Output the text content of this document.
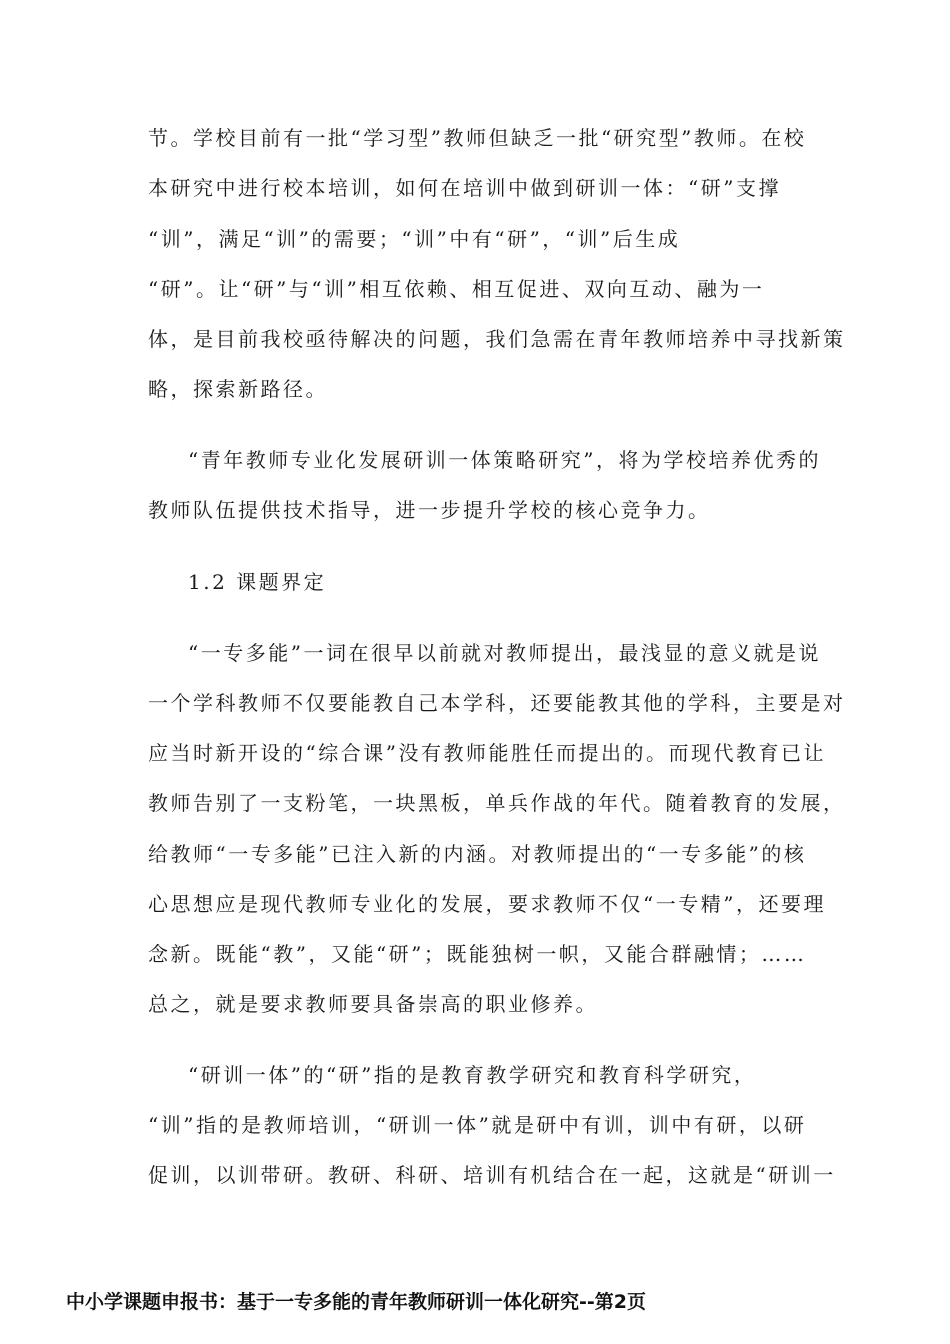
节。学校目前有一批“学习型”教师但缺乏一批“研究型”教师。在校
本研究中进行校本培训，如何在培训中做到研训一体：“研”支撑
“训”，满足“训”的需要；“训”中有“研”，“训”后生成
“研”。让“研”与“训”相互依赖、相互促进、双向互动、融为一
体，是目前我校亟待解决的问题，我们急需在青年教师培养中寻找新策
略，探索新路径。
“青年教师专业化发展研训一体策略研究”，将为学校培养优秀的
教师队伍提供技术指导，进一步提升学校的核心竞争力。
1.2 课题界定
“一专多能”一词在很早以前就对教师提出，最浅显的意义就是说
一个学科教师不仅要能教自己本学科，还要能教其他的学科，主要是对
应当时新开设的“综合课”没有教师能胜任而提出的。而现代教育已让
教师告别了一支粉笔，一块黑板，单兵作战的年代。随着教育的发展，
给教师“一专多能”已注入新的内涵。对教师提出的“一专多能”的核
心思想应是现代教师专业化的发展，要求教师不仅“一专精”，还要理
念新。既能“教”，又能“研”；既能独树一帜，又能合群融情；……
总之，就是要求教师要具备崇高的职业修养。
“研训一体”的“研”指的是教育教学研究和教育科学研究，
“训”指的是教师培训，“研训一体”就是研中有训，训中有研，以研
促训，以训带研。教研、科研、培训有机结合在一起，这就是“研训一
中小学课题申报书：基于一专多能的青年教师研训一体化研究--第2页
